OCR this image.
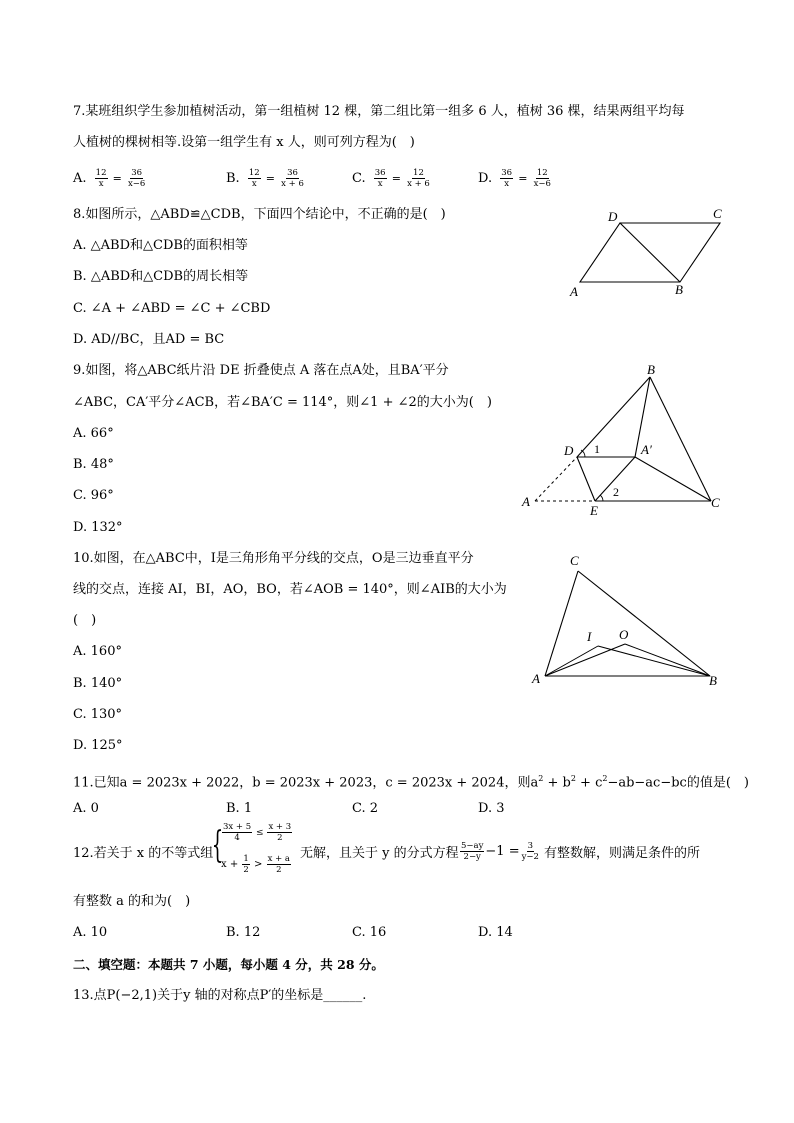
7.某班组织学生参加植树活动，第一组植树 12 棵，第二组比第一组多 6 人，植树 36 棵，结果两组平均每
人植树的棵树相等.设第一组学生有 x 人，则可列方程为(　)
A. $\frac{12}{x} = \frac{36}{x-6}$	B. $\frac{12}{x} = \frac{36}{x + 6}$	C. $\frac{36}{x} = \frac{12}{x + 6}$	D. $\frac{36}{x} = \frac{12}{x-6}$
8.如图所示，△ABD≌△CDB，下面四个结论中，不正确的是(　)
A. △ABD和△CDB的面积相等
B. △ABD和△CDB的周长相等
C. ∠A + ∠ABD = ∠C + ∠CBD
D. AD//BC，且AD = BC
D	C
A	B
9.如图，将△ABC纸片沿 DE 折叠使点 A 落在点A处，且BA′平分
∠ABC，CA′平分∠ACB，若∠BA′C = 114°，则∠1 + ∠2的大小为(　)
A. 66°
B. 48°
C. 96°
D. 132°
B
D 1	A′
2
A
E
C
10.如图，在△ABC中，I是三角形角平分线的交点，O是三边垂直平分
线的交点，连接 AI，BI，AO，BO，若∠AOB = 140°，则∠AIB的大小为
(　)
A. 160°
B. 140°
C. 130°
D. 125°
C
I O
A	B
11.已知a = 2023x + 2022，b = 2023x + 2023，c = 2023x + 2024，则$a^2 + b^2 + c^2-ab-ac-bc$的值是(　)
A. 0	B. 1	C. 2	D. 3
12.若关于 x 的不等式组
{
$\frac{3x + 5}{4} \le \frac{x + 3}{2}$
$x + \frac{1}{2} > \frac{x + a}{2}$
无解，且关于 y 的分式方程 $\frac{5-ay}{2-y} -1 = \frac{3}{y-2}$ 有整数解，则满足条件的所
有整数 a 的和为(　)
A. 10	B. 12	C. 16	D. 14
二、填空题：本题共 7 小题，每小题 4 分，共 28 分。
13.点P(−2,1)关于y 轴的对称点P′的坐标是______.
